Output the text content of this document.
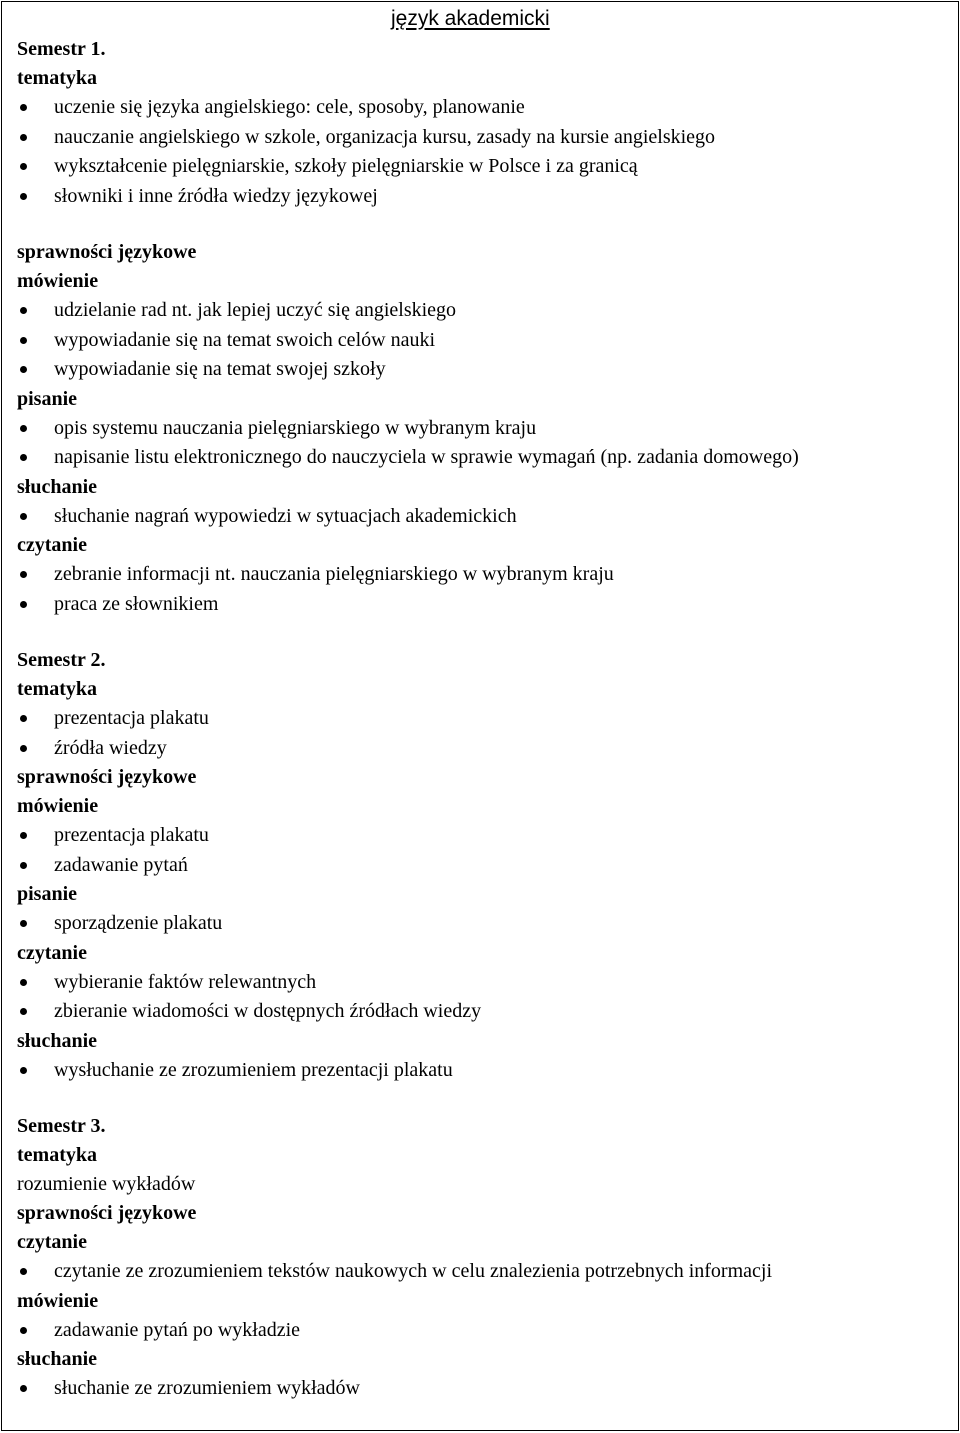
język akademicki

Semestr 1.
tematyka
uczenie się języka angielskiego: cele, sposoby, planowanie
nauczanie angielskiego w szkole, organizacja kursu, zasady na kursie angielskiego
wykształcenie pielęgniarskie, szkoły pielęgniarskie w Polsce i za granicą
słowniki i inne źródła wiedzy językowej
sprawności językowe
mówienie
udzielanie rad nt. jak lepiej uczyć się angielskiego
wypowiadanie się na temat swoich celów nauki
wypowiadanie się na temat swojej szkoły
pisanie
opis systemu nauczania pielęgniarskiego w wybranym kraju
napisanie listu elektronicznego do nauczyciela w sprawie wymagań (np. zadania domowego)
słuchanie
słuchanie nagrań wypowiedzi w sytuacjach akademickich
czytanie
zebranie informacji nt. nauczania pielęgniarskiego w wybranym kraju
praca ze słownikiem
Semestr 2.
tematyka
prezentacja plakatu
źródła wiedzy
sprawności językowe
mówienie
prezentacja plakatu
zadawanie pytań
pisanie
sporządzenie plakatu
czytanie
wybieranie faktów relewantnych
zbieranie wiadomości w dostępnych źródłach wiedzy
słuchanie
wysłuchanie ze zrozumieniem prezentacji plakatu
Semestr 3.
tematyka
rozumienie wykładów
sprawności językowe
czytanie
czytanie ze zrozumieniem tekstów naukowych w celu znalezienia potrzebnych informacji
mówienie
zadawanie pytań po wykładzie
słuchanie
słuchanie ze zrozumieniem wykładów
